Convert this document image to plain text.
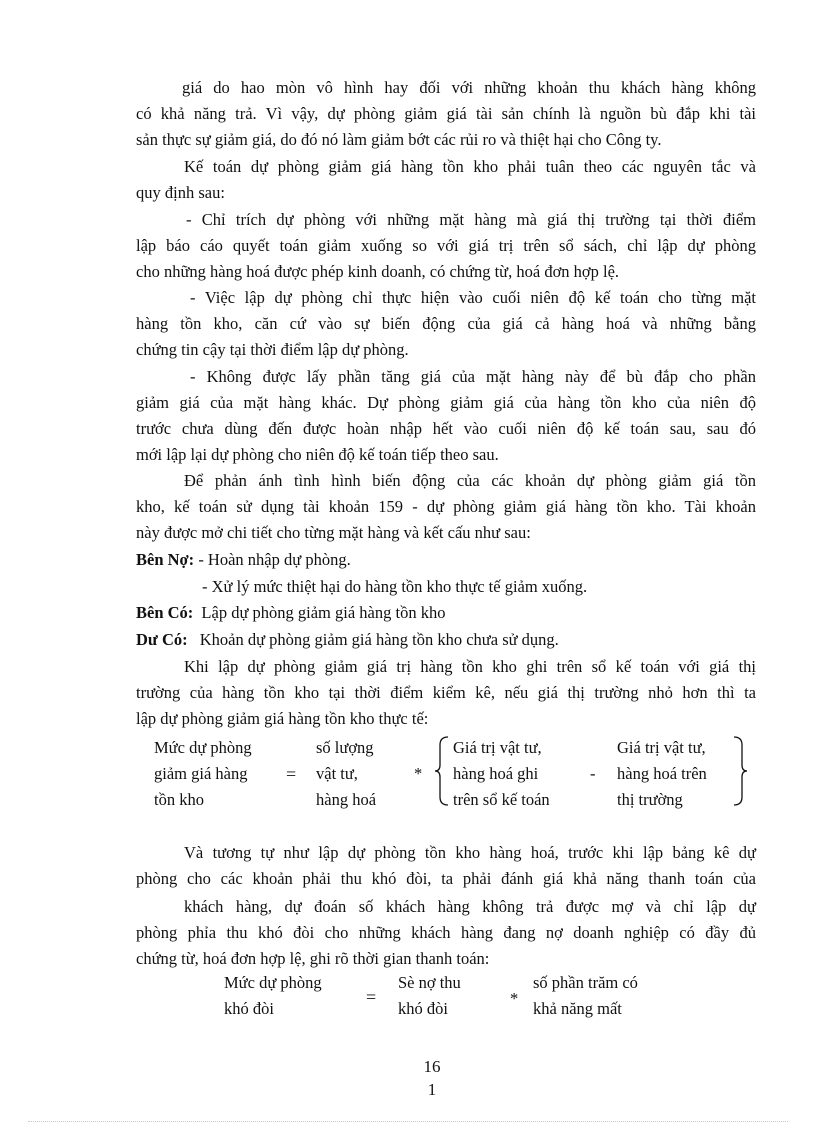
giá do hao mòn vô hình hay đối với những khoản thu khách hàng không
có khả năng trả. Vì vậy, dự phòng giảm giá tài sản chính là nguồn bù đắp khi tài
sản thực sự giảm giá, do đó nó làm giảm bớt các rủi ro và thiệt hại cho Công ty.
Kế toán dự phòng giảm giá hàng tồn kho phải tuân theo các nguyên tắc và
quy định sau:
- Chỉ trích dự phòng với những mặt hàng mà giá thị trường tại thời điểm
lập báo cáo quyết toán giảm xuống so với giá trị trên sổ sách, chỉ lập dự phòng
cho những hàng hoá được phép kinh doanh, có chứng từ, hoá đơn hợp lệ.
- Việc lập dự phòng chỉ thực hiện vào cuối niên độ kế toán cho từng mặt
hàng tồn kho, căn cứ vào sự biến động của giá cả hàng hoá và những bằng
chứng tin cậy tại thời điểm lập dự phòng.
- Không được lấy phần tăng giá của mặt hàng này để bù đắp cho phần
giảm giá của mặt hàng khác. Dự phòng giảm giá của hàng tồn kho của niên độ
trước chưa dùng đến được hoàn nhập hết vào cuối niên độ kế toán sau, sau đó
mới lập lại dự phòng cho niên độ kế toán tiếp theo sau.
Để phản ánh tình hình biến động của các khoản dự phòng giảm giá tồn
kho, kế toán sử dụng tài khoản 159 - dự phòng giảm giá hàng tồn kho. Tài khoản
này được mở chi tiết cho từng mặt hàng và kết cấu như sau:
Bên Nợ: - Hoàn nhập dự phòng.
- Xử lý mức thiệt hại do hàng tồn kho thực tế giảm xuống.
Bên Có: Lập dự phòng giảm giá hàng tồn kho
Dư Có: Khoản dự phòng giảm giá hàng tồn kho chưa sử dụng.
Khi lập dự phòng giảm giá trị hàng tồn kho ghi trên sổ kế toán với giá thị
trường của hàng tồn kho tại thời điểm kiểm kê, nếu giá thị trường nhỏ hơn thì ta
lập dự phòng giảm giá hàng tồn kho thực tế:
Mức dự phòng
giảm giá hàng
tồn kho
=
số lượng
vật tư,
hàng hoá
*
Giá trị vật tư,
hàng hoá ghi
trên sổ kế toán
-
Giá trị vật tư,
hàng hoá trên
thị trường
Và tương tự như lập dự phòng tồn kho hàng hoá, trước khi lập bảng kê dự
phòng cho các khoản phải thu khó đòi, ta phải đánh giá khả năng thanh toán của
khách hàng, dự đoán số khách hàng không trả được mợ và chỉ lập dự
phòng phỉa thu khó đòi cho những khách hàng đang nợ doanh nghiệp có đầy đủ
chứng từ, hoá đơn hợp lệ, ghi rõ thời gian thanh toán:
Mức dự phòng
khó đòi
=
Sè nợ thu
khó đòi
*
số phần trăm có
khả năng mất
16
1
